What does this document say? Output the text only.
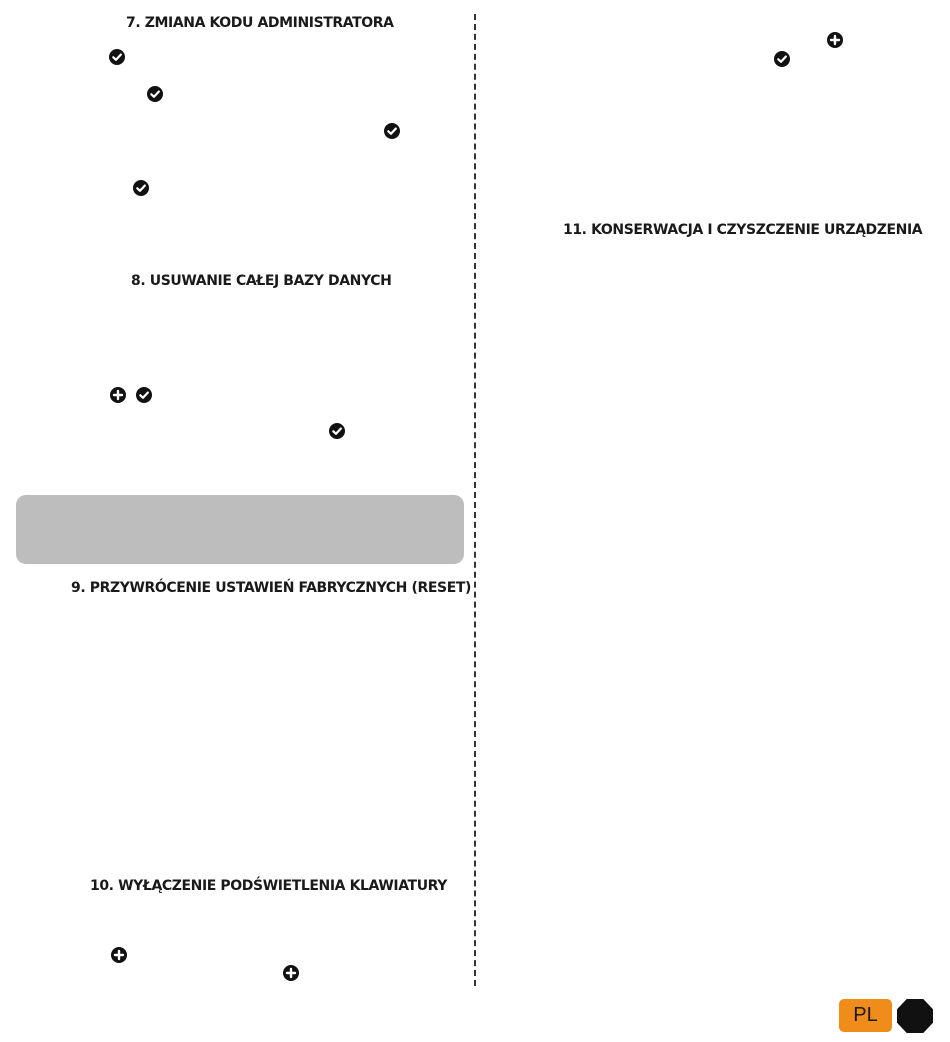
7. ZMIANA KODU ADMINISTRATORA
8. USUWANIE CAŁEJ BAZY DANYCH
9. PRZYWRÓCENIE USTAWIEŃ FABRYCZNYCH (RESET)
10. WYŁĄCZENIE PODŚWIETLENIA KLAWIATURY
11. KONSERWACJA I CZYSZCZENIE URZĄDZENIA
PL
